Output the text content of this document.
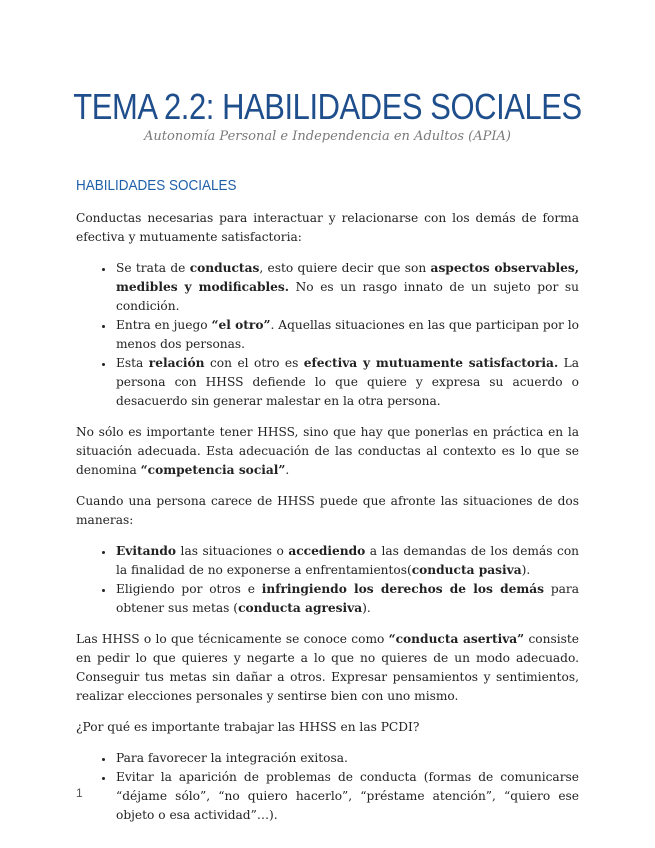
TEMA 2.2: HABILIDADES SOCIALES
Autonomía Personal e Independencia en Adultos (APIA)
HABILIDADES SOCIALES

Conductas necesarias para interactuar y relacionarse con los demás de forma efectiva y mutuamente satisfactoria:

• Se trata de conductas, esto quiere decir que son aspectos observables, medibles y modificables. No es un rasgo innato de un sujeto por su condición.
• Entra en juego “el otro”. Aquellas situaciones en las que participan por lo menos dos personas.
• Esta relación con el otro es efectiva y mutuamente satisfactoria. La persona con HHSS defiende lo que quiere y expresa su acuerdo o desacuerdo sin generar malestar en la otra persona.

No sólo es importante tener HHSS, sino que hay que ponerlas en práctica en la situación adecuada. Esta adecuación de las conductas al contexto es lo que se denomina “competencia social”.

Cuando una persona carece de HHSS puede que afronte las situaciones de dos maneras:

• Evitando las situaciones o accediendo a las demandas de los demás con la finalidad de no exponerse a enfrentamientos(conducta pasiva).
• Eligiendo por otros e infringiendo los derechos de los demás para obtener sus metas (conducta agresiva).

Las HHSS o lo que técnicamente se conoce como “conducta asertiva” consiste en pedir lo que quieres y negarte a lo que no quieres de un modo adecuado. Conseguir tus metas sin dañar a otros. Expresar pensamientos y sentimientos, realizar elecciones personales y sentirse bien con uno mismo.

¿Por qué es importante trabajar las HHSS en las PCDI?

• Para favorecer la integración exitosa.
• Evitar la aparición de problemas de conducta (formas de comunicarse “déjame sólo”, “no quiero hacerlo”, “préstame atención”, “quiero ese objeto o esa actividad”…).
1
